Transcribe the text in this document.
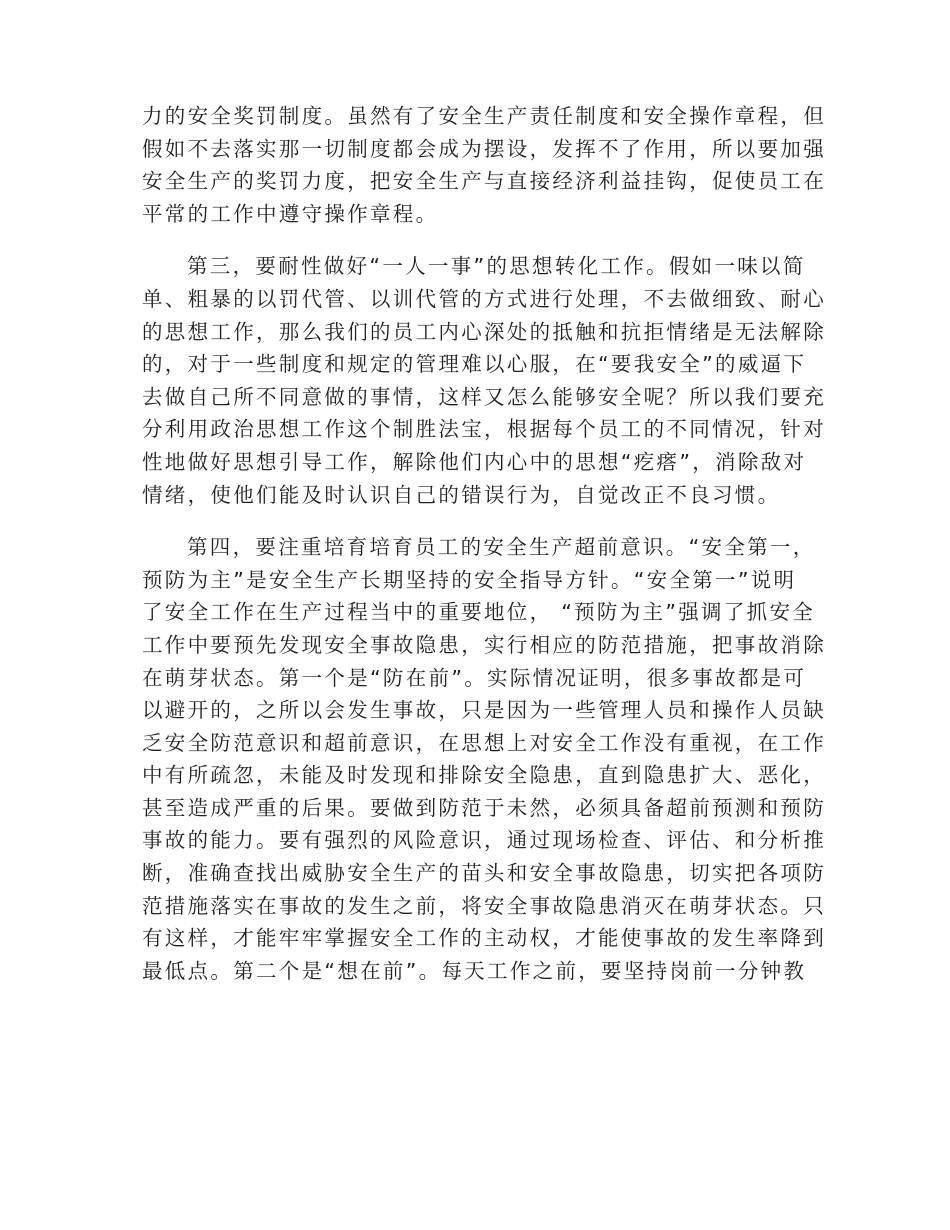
力的安全奖罚制度。虽然有了安全生产责任制度和安全操作章程，但
假如不去落实那一切制度都会成为摆设，发挥不了作用，所以要加强
安全生产的奖罚力度，把安全生产与直接经济利益挂钩，促使员工在
平常的工作中遵守操作章程。

第三，要耐性做好“一人一事”的思想转化工作。假如一味以简
单、粗暴的以罚代管、以训代管的方式进行处理，不去做细致、耐心
的思想工作，那么我们的员工内心深处的抵触和抗拒情绪是无法解除
的，对于一些制度和规定的管理难以心服，在“要我安全”的威逼下
去做自己所不同意做的事情，这样又怎么能够安全呢？所以我们要充
分利用政治思想工作这个制胜法宝，根据每个员工的不同情况，针对
性地做好思想引导工作，解除他们内心中的思想“疙瘩”，消除敌对
情绪，使他们能及时认识自己的错误行为，自觉改正不良习惯。

第四，要注重培育培育员工的安全生产超前意识。“安全第一，
预防为主”是安全生产长期坚持的安全指导方针。“安全第一”说明
了安全工作在生产过程当中的重要地位， “预防为主”强调了抓安全
工作中要预先发现安全事故隐患，实行相应的防范措施，把事故消除
在萌芽状态。第一个是“防在前”。实际情况证明，很多事故都是可
以避开的，之所以会发生事故，只是因为一些管理人员和操作人员缺
乏安全防范意识和超前意识，在思想上对安全工作没有重视，在工作
中有所疏忽，未能及时发现和排除安全隐患，直到隐患扩大、恶化，
甚至造成严重的后果。要做到防范于未然，必须具备超前预测和预防
事故的能力。要有强烈的风险意识，通过现场检查、评估、和分析推
断，准确查找出威胁安全生产的苗头和安全事故隐患，切实把各项防
范措施落实在事故的发生之前，将安全事故隐患消灭在萌芽状态。只
有这样，才能牢牢掌握安全工作的主动权，才能使事故的发生率降到
最低点。第二个是“想在前”。每天工作之前，要坚持岗前一分钟教
